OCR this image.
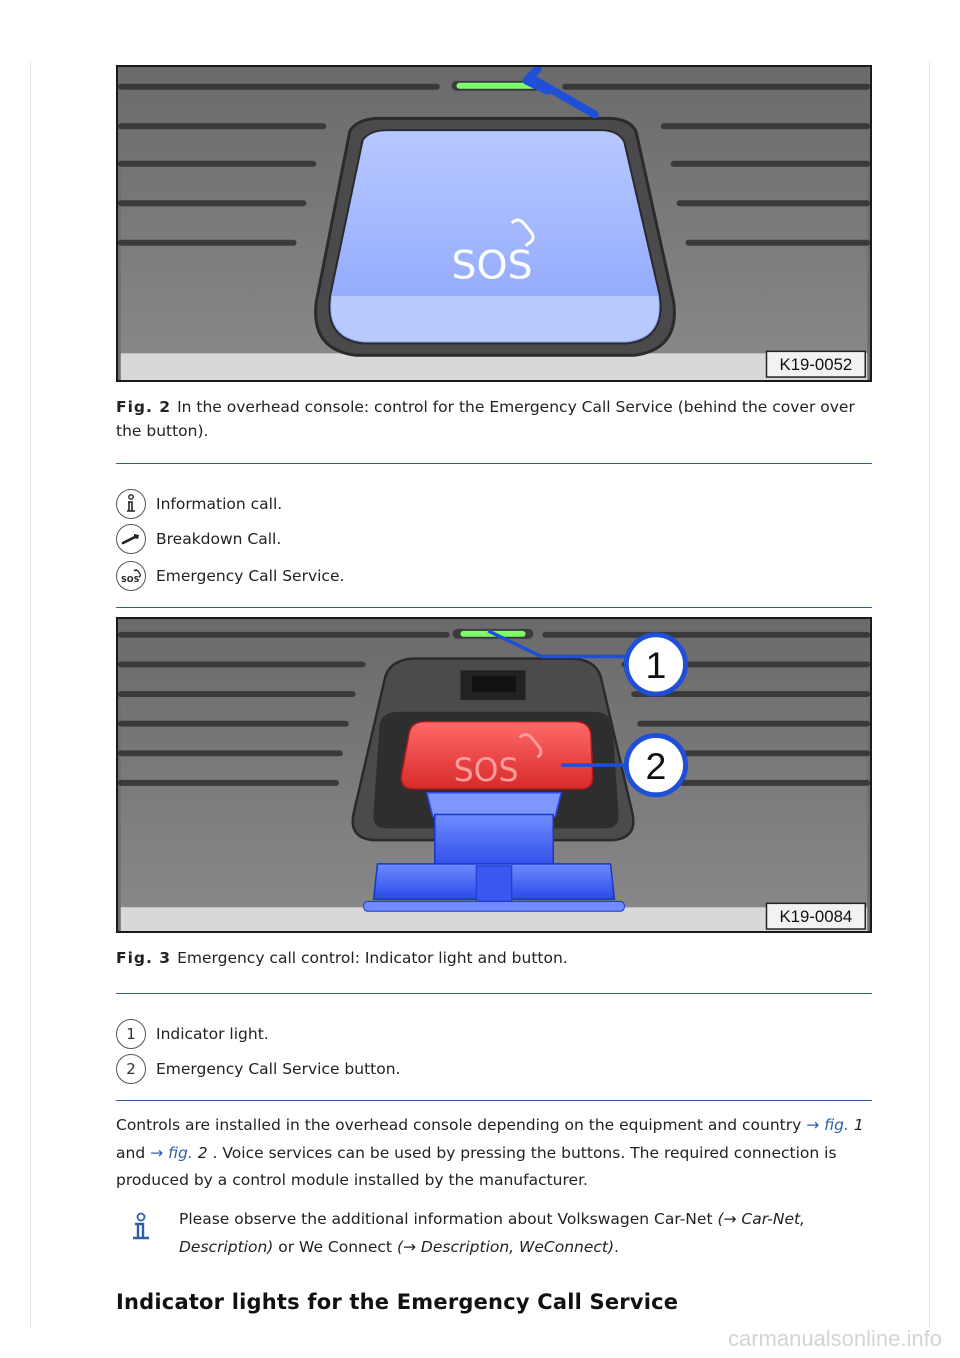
SOS
K19-0052
Fig. 2 In the overhead console: control for the Emergency Call Service (behind the cover over the button).
Information call.
Breakdown Call.
SOS Emergency Call Service.
SOS
1
2
K19-0084
Fig. 3 Emergency call control: Indicator light and button.
1 Indicator light.
2 Emergency Call Service button.
Controls are installed in the overhead console depending on the equipment and country → fig. 1 and → fig. 2 . Voice services can be used by pressing the buttons. The required connection is produced by a control module installed by the manufacturer.
Please observe the additional information about Volkswagen Car-Net (→ Car-Net, Description) or We Connect (→ Description, WeConnect).
Indicator lights for the Emergency Call Service
carmanualsonline.info
